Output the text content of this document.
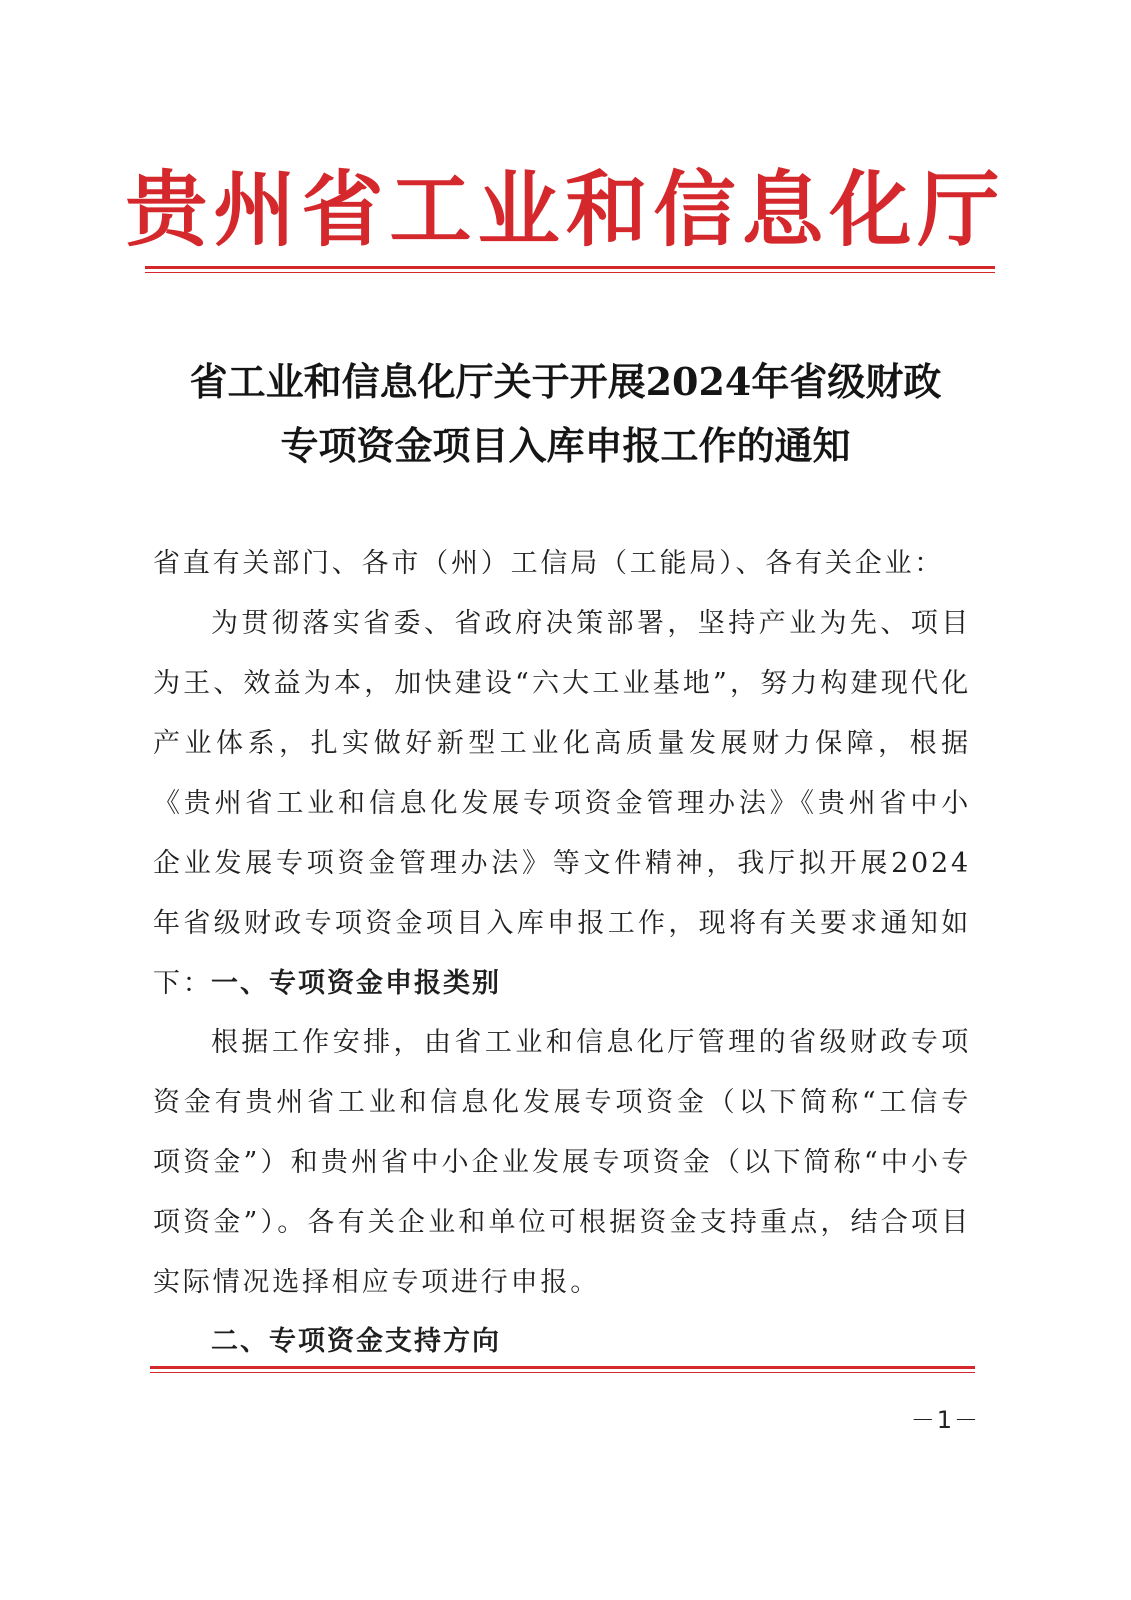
贵州省工业和信息化厅
省工业和信息化厅关于开展2024年省级财政
专项资金项目入库申报工作的通知
省直有关部门、各市（州）工信局（工能局）、各有关企业：
为贯彻落实省委、省政府决策部署，坚持产业为先、项目为王、效益为本，加快建设“六大工业基地”，努力构建现代化产业体系，扎实做好新型工业化高质量发展财力保障，根据《贵州省工业和信息化发展专项资金管理办法》《贵州省中小企业发展专项资金管理办法》等文件精神，我厅拟开展2024年省级财政专项资金项目入库申报工作，现将有关要求通知如下：
一、专项资金申报类别
根据工作安排，由省工业和信息化厅管理的省级财政专项资金有贵州省工业和信息化发展专项资金（以下简称“工信专项资金”）和贵州省中小企业发展专项资金（以下简称“中小专项资金”）。各有关企业和单位可根据资金支持重点，结合项目实际情况选择相应专项进行申报。
二、专项资金支持方向
－1－
